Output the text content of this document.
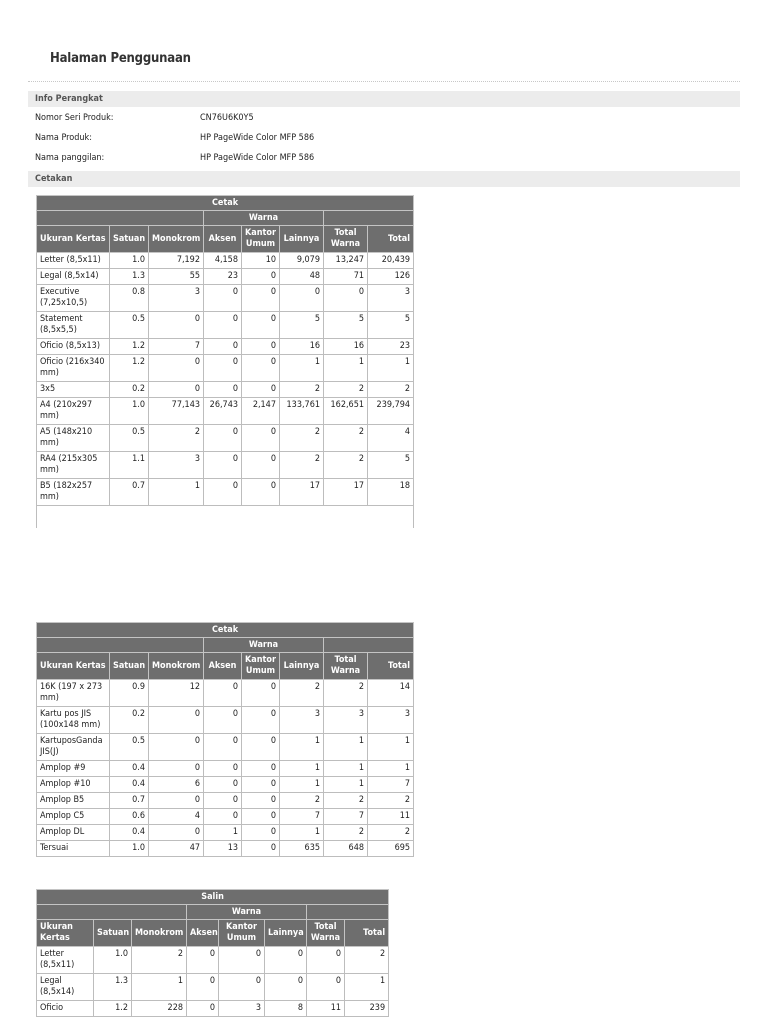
Halaman Penggunaan
Info Perangkat
Nomor Seri Produk:	CN76U6K0Y5
Nama Produk:	HP PageWide Color MFP 586
Nama panggilan:	HP PageWide Color MFP 586
Cetakan
Cetak							
			Warna				
Ukuran Kertas	Satuan	Monokrom	Aksen	Kantor Umum	Lainnya	Total Warna	Total
Letter (8,5x11)	1.0	7,192	4,158	10	9,079	13,247	20,439
Legal (8,5x14)	1.3	55	23	0	48	71	126
Executive (7,25x10,5)	0.8	3	0	0	0	0	3
Statement (8,5x5,5)	0.5	0	0	0	5	5	5
Oficio (8,5x13)	1.2	7	0	0	16	16	23
Oficio (216x340 mm)	1.2	0	0	0	1	1	1
3x5	0.2	0	0	0	2	2	2
A4 (210x297 mm)	1.0	77,143	26,743	2,147	133,761	162,651	239,794
A5 (148x210 mm)	0.5	2	0	0	2	2	4
RA4 (215x305 mm)	1.1	3	0	0	2	2	5
B5 (182x257 mm)	0.7	1	0	0	17	17	18

Cetak							
			Warna				
Ukuran Kertas	Satuan	Monokrom	Aksen	Kantor Umum	Lainnya	Total Warna	Total
16K (197 x 273 mm)	0.9	12	0	0	2	2	14
Kartu pos JIS (100x148 mm)	0.2	0	0	0	3	3	3
KartuposGanda JIS(J)	0.5	0	0	0	1	1	1
Amplop #9	0.4	0	0	0	1	1	1
Amplop #10	0.4	6	0	0	1	1	7
Amplop B5	0.7	0	0	0	2	2	2
Amplop C5	0.6	4	0	0	7	7	11
Amplop DL	0.4	0	1	0	1	2	2
Tersuai	1.0	47	13	0	635	648	695
Salin							
			Warna				
Ukuran Kertas	Satuan	Monokrom	Aksen	Kantor Umum	Lainnya	Total Warna	Total
Letter (8,5x11)	1.0	2	0	0	0	0	2
Legal (8,5x14)	1.3	1	0	0	0	0	1
Oficio	1.2	228	0	3	8	11	239
